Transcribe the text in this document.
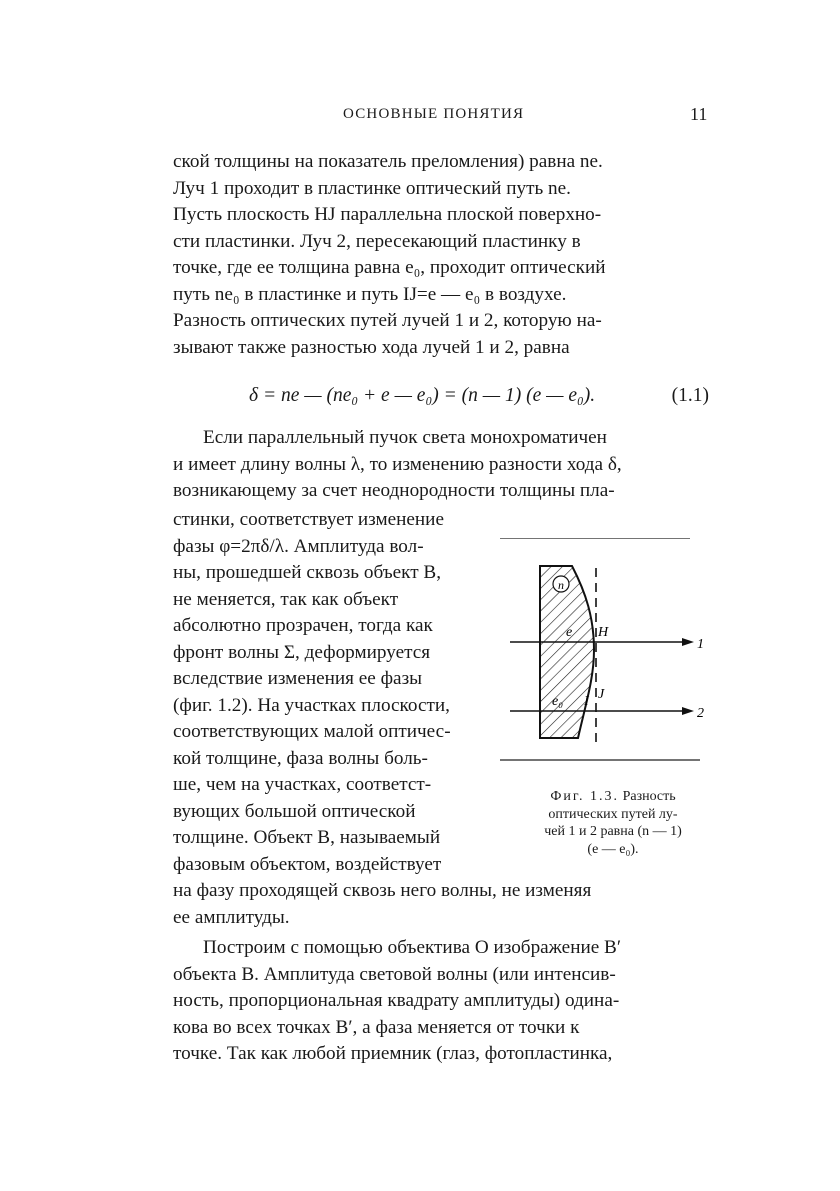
ОСНОВНЫЕ ПОНЯТИЯ	11
ской толщины на показатель преломления) равна ne.
Луч 1 проходит в пластинке оптический путь ne.
Пусть плоскость HJ параллельна плоской поверхно-
сти пластинки. Луч 2, пересекающий пластинку в
точке, где ее толщина равна e₀, проходит оптический
путь ne₀ в пластинке и путь IJ=e — e₀ в воздухе.
Разность оптических путей лучей 1 и 2, которую на-
зывают также разностью хода лучей 1 и 2, равна
δ = ne — (ne₀ + e — e₀) = (n — 1) (e — e₀).	(1.1)
Если параллельный пучок света монохроматичен
и имеет длину волны λ, то изменению разности хода δ,
возникающему за счет неоднородности толщины пла-
стинки, соответствует изменение
фазы φ=2πδ/λ. Амплитуда вол-
ны, прошедшей сквозь объект B,
не меняется, так как объект
абсолютно прозрачен, тогда как
фронт волны Σ, деформируется
вследствие изменения ее фазы
(фиг. 1.2). На участках плоскости,
соответствующих малой оптичес-
кой толщине, фаза волны боль-
ше, чем на участках, соответст-
вующих большой оптической
толщине. Объект B, называемый
фазовым объектом, воздействует
n
e
e₀
H
I J
1
2
Фиг. 1.3. Разность
оптических путей лу-
чей 1 и 2 равна (n — 1)
(e — e₀).
на фазу проходящей сквозь него волны, не изменяя
ее амплитуды.
Построим с помощью объектива O изображение B′
объекта B. Амплитуда световой волны (или интенсив-
ность, пропорциональная квадрату амплитуды) одина-
кова во всех точках B′, а фаза меняется от точки к
точке. Так как любой приемник (глаз, фотопластинка,
